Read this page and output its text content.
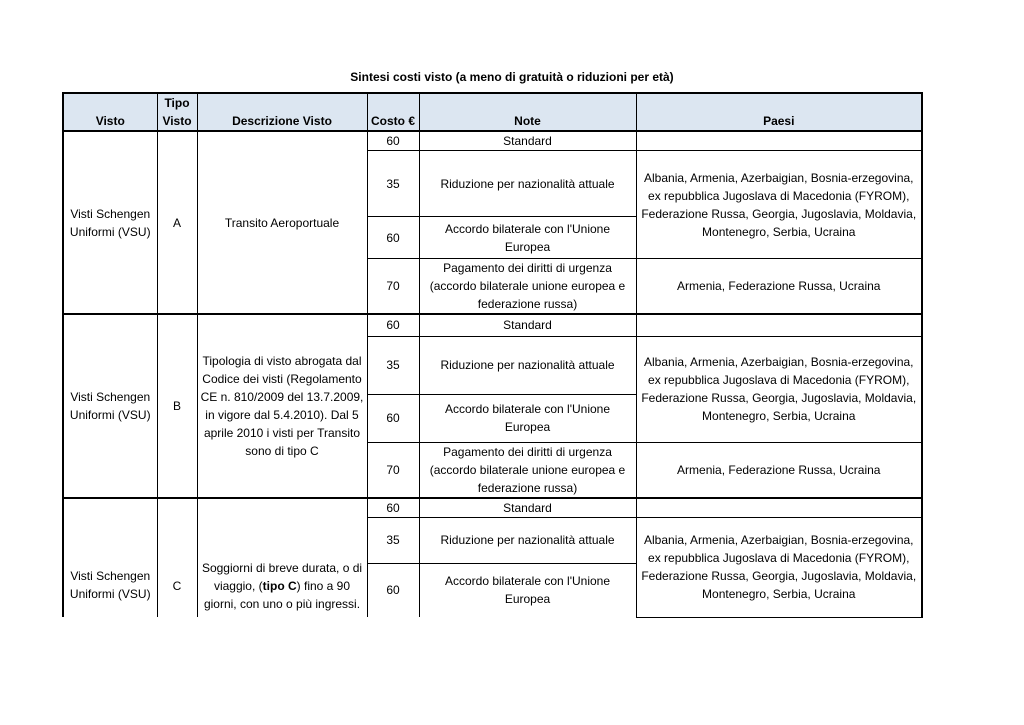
Sintesi costi visto (a meno di gratuità o riduzioni per età)
Visto	Tipo Visto	Descrizione Visto	Costo €	Note	Paesi
Visti Schengen Uniformi (VSU)	A	Transito Aeroportuale	60	Standard	
			35	Riduzione per nazionalità attuale	Albania, Armenia, Azerbaigian, Bosnia-erzegovina, ex repubblica Jugoslava di Macedonia (FYROM), Federazione Russa, Georgia, Jugoslavia, Moldavia, Montenegro, Serbia, Ucraina
			60	Accordo bilaterale con l'Unione Europea	
			70	Pagamento dei diritti di urgenza (accordo bilaterale unione europea e federazione russa)	Armenia, Federazione Russa, Ucraina
Visti Schengen Uniformi (VSU)	B	Tipologia di visto abrogata dal Codice dei visti (Regolamento CE n. 810/2009 del 13.7.2009, in vigore dal 5.4.2010). Dal 5 aprile 2010 i visti per Transito sono di tipo C	60	Standard	
			35	Riduzione per nazionalità attuale	Albania, Armenia, Azerbaigian, Bosnia-erzegovina, ex repubblica Jugoslava di Macedonia (FYROM), Federazione Russa, Georgia, Jugoslavia, Moldavia, Montenegro, Serbia, Ucraina
			60	Accordo bilaterale con l'Unione Europea	
			70	Pagamento dei diritti di urgenza (accordo bilaterale unione europea e federazione russa)	Armenia, Federazione Russa, Ucraina
Visti Schengen Uniformi (VSU)	C	Soggiorni di breve durata, o di viaggio, (tipo C) fino a 90 giorni, con uno o più ingressi.	60	Standard	
			35	Riduzione per nazionalità attuale	Albania, Armenia, Azerbaigian, Bosnia-erzegovina, ex repubblica Jugoslava di Macedonia (FYROM), Federazione Russa, Georgia, Jugoslavia, Moldavia, Montenegro, Serbia, Ucraina
			60	Accordo bilaterale con l'Unione Europea	
